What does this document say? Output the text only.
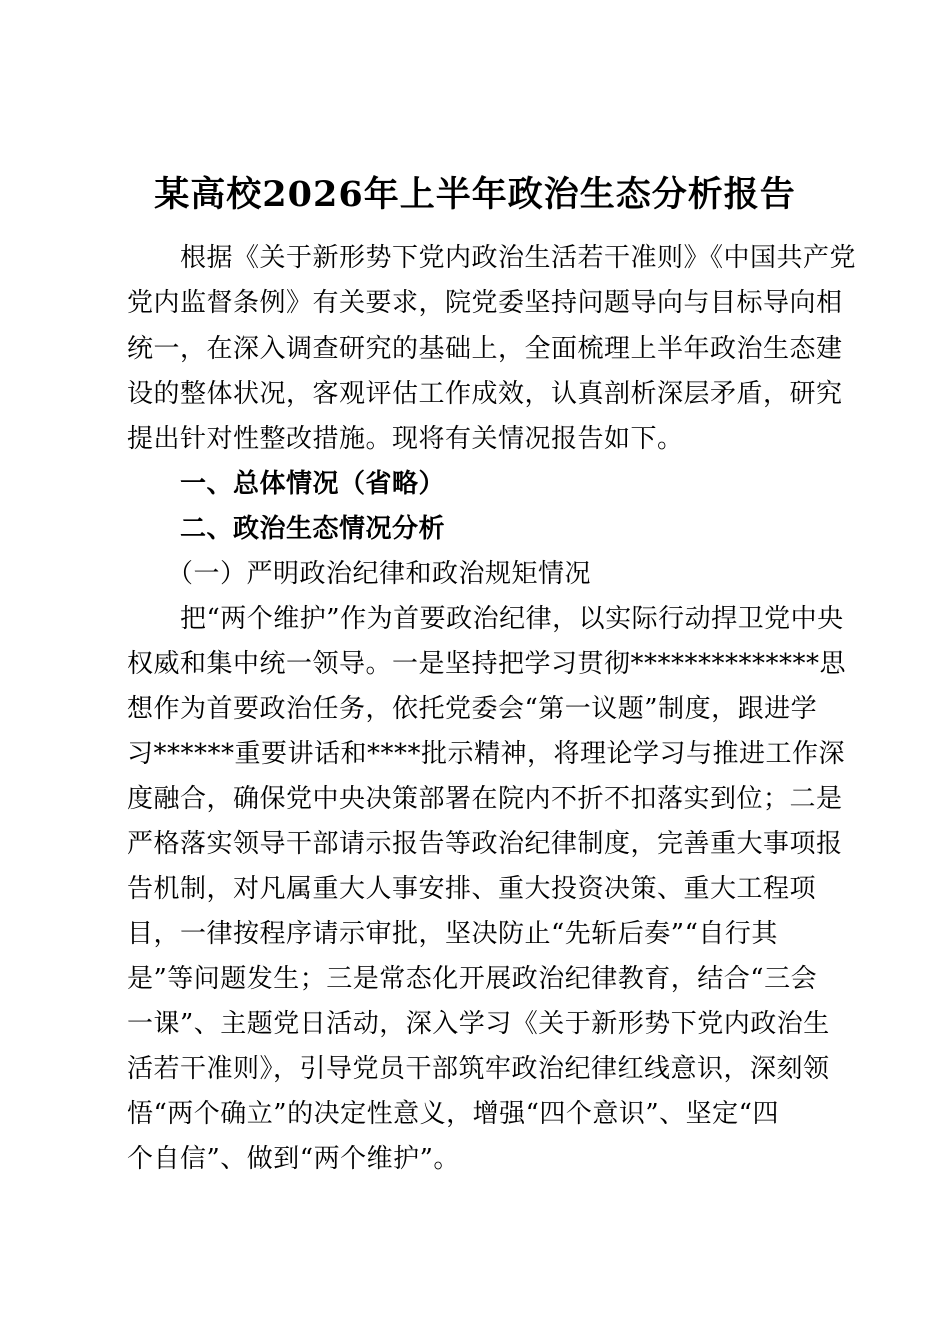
某高校2026年上半年政治生态分析报告
　　根据《关于新形势下党内政治生活若干准则》《中国共产党
党内监督条例》有关要求，院党委坚持问题导向与目标导向相
统一，在深入调查研究的基础上，全面梳理上半年政治生态建
设的整体状况，客观评估工作成效，认真剖析深层矛盾，研究
提出针对性整改措施。现将有关情况报告如下。
　　一、总体情况（省略）
　　二、政治生态情况分析
　　（一）严明政治纪律和政治规矩情况
　　把“两个维护”作为首要政治纪律，以实际行动捍卫党中央
权威和集中统一领导。一是坚持把学习贯彻**************思
想作为首要政治任务，依托党委会“第一议题”制度，跟进学
习******重要讲话和****批示精神，将理论学习与推进工作深
度融合，确保党中央决策部署在院内不折不扣落实到位；二是
严格落实领导干部请示报告等政治纪律制度，完善重大事项报
告机制，对凡属重大人事安排、重大投资决策、重大工程项
目，一律按程序请示审批，坚决防止“先斩后奏”“自行其
是”等问题发生；三是常态化开展政治纪律教育，结合“三会
一课”、主题党日活动，深入学习《关于新形势下党内政治生
活若干准则》，引导党员干部筑牢政治纪律红线意识，深刻领
悟“两个确立”的决定性意义，增强“四个意识”、坚定“四
个自信”、做到“两个维护”。
